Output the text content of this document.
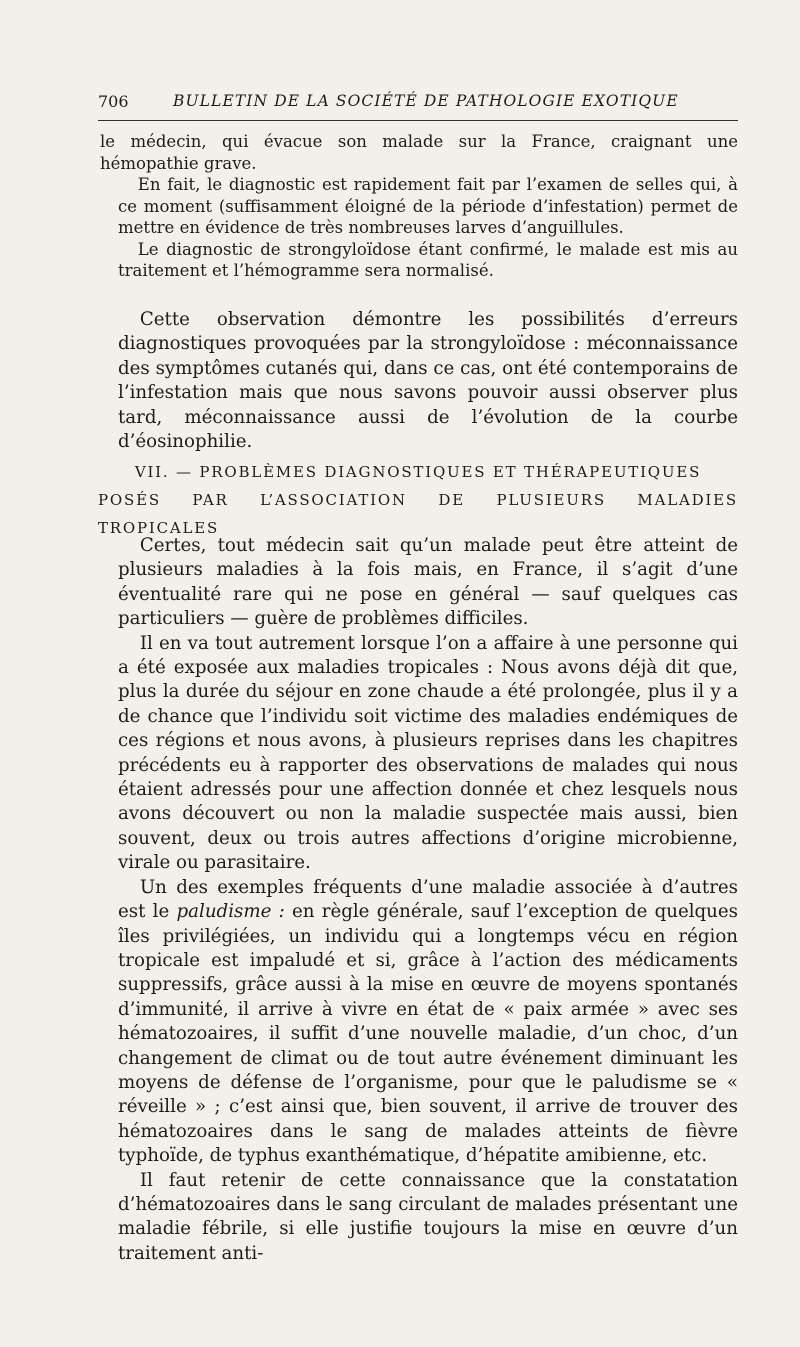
706	BULLETIN DE LA SOCIÉTÉ DE PATHOLOGIE EXOTIQUE

le médecin, qui évacue son malade sur la France, craignant une hémopathie grave.

En fait, le diagnostic est rapidement fait par l’examen de selles qui, à ce moment (suffisamment éloigné de la période d’infestation) permet de mettre en évidence de très nombreuses larves d’anguillules.

Le diagnostic de strongyloïdose étant confirmé, le malade est mis au traitement et l’hémogramme sera normalisé.

Cette observation démontre les possibilités d’erreurs diagnostiques provoquées par la strongyloïdose : méconnaissance des symptômes cutanés qui, dans ce cas, ont été contemporains de l’infestation mais que nous savons pouvoir aussi observer plus tard, méconnaissance aussi de l’évolution de la courbe d’éosinophilie.

VII. — PROBLÈMES DIAGNOSTIQUES ET THÉRAPEUTIQUES
POSÉS PAR L’ASSOCIATION DE PLUSIEURS MALADIES TROPICALES

Certes, tout médecin sait qu’un malade peut être atteint de plusieurs maladies à la fois mais, en France, il s’agit d’une éventualité rare qui ne pose en général — sauf quelques cas particuliers — guère de problèmes difficiles.

Il en va tout autrement lorsque l’on a affaire à une personne qui a été exposée aux maladies tropicales : Nous avons déjà dit que, plus la durée du séjour en zone chaude a été prolongée, plus il y a de chance que l’individu soit victime des maladies endémiques de ces régions et nous avons, à plusieurs reprises dans les chapitres précédents eu à rapporter des observations de malades qui nous étaient adressés pour une affection donnée et chez lesquels nous avons découvert ou non la maladie suspectée mais aussi, bien souvent, deux ou trois autres affections d’origine microbienne, virale ou parasitaire.

Un des exemples fréquents d’une maladie associée à d’autres est le paludisme : en règle générale, sauf l’exception de quelques îles privilégiées, un individu qui a longtemps vécu en région tropicale est impaludé et si, grâce à l’action des médicaments suppressifs, grâce aussi à la mise en œuvre de moyens spontanés d’immunité, il arrive à vivre en état de « paix armée » avec ses hématozoaires, il suffit d’une nouvelle maladie, d’un choc, d’un changement de climat ou de tout autre événement diminuant les moyens de défense de l’organisme, pour que le paludisme se « réveille » ; c’est ainsi que, bien souvent, il arrive de trouver des hématozoaires dans le sang de malades atteints de fièvre typhoïde, de typhus exanthématique, d’hépatite amibienne, etc.

Il faut retenir de cette connaissance que la constatation d’hématozoaires dans le sang circulant de malades présentant une maladie fébrile, si elle justifie toujours la mise en œuvre d’un traitement anti-
